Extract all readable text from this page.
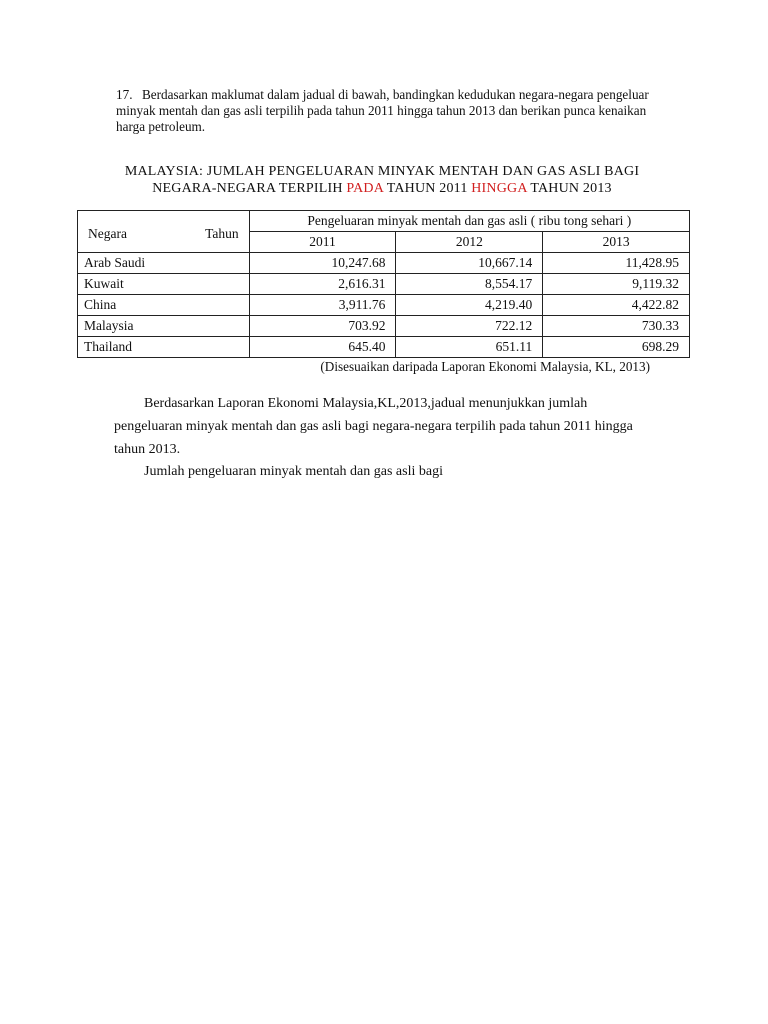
17. Berdasarkan maklumat dalam jadual di bawah, bandingkan kedudukan negara-negara pengeluar minyak mentah dan gas asli terpilih pada tahun 2011 hingga tahun 2013 dan berikan punca kenaikan harga petroleum.
MALAYSIA: JUMLAH PENGELUARAN MINYAK MENTAH DAN GAS ASLI BAGI
NEGARA-NEGARA TERPILIH PADA TAHUN 2011 HINGGA TAHUN 2013
Negara Tahun	Pengeluaran minyak mentah dan gas asli ( ribu tong sehari )		
	2011	2012	2013
Arab Saudi	10,247.68	10,667.14	11,428.95
Kuwait	2,616.31	8,554.17	9,119.32
China	3,911.76	4,219.40	4,422.82
Malaysia	703.92	722.12	730.33
Thailand	645.40	651.11	698.29
(Disesuaikan daripada Laporan Ekonomi Malaysia, KL, 2013)
Berdasarkan Laporan Ekonomi Malaysia,KL,2013,jadual menunjukkan jumlah pengeluaran minyak mentah dan gas asli bagi negara-negara terpilih pada tahun 2011 hingga tahun 2013.
Jumlah pengeluaran minyak mentah dan gas asli bagi
